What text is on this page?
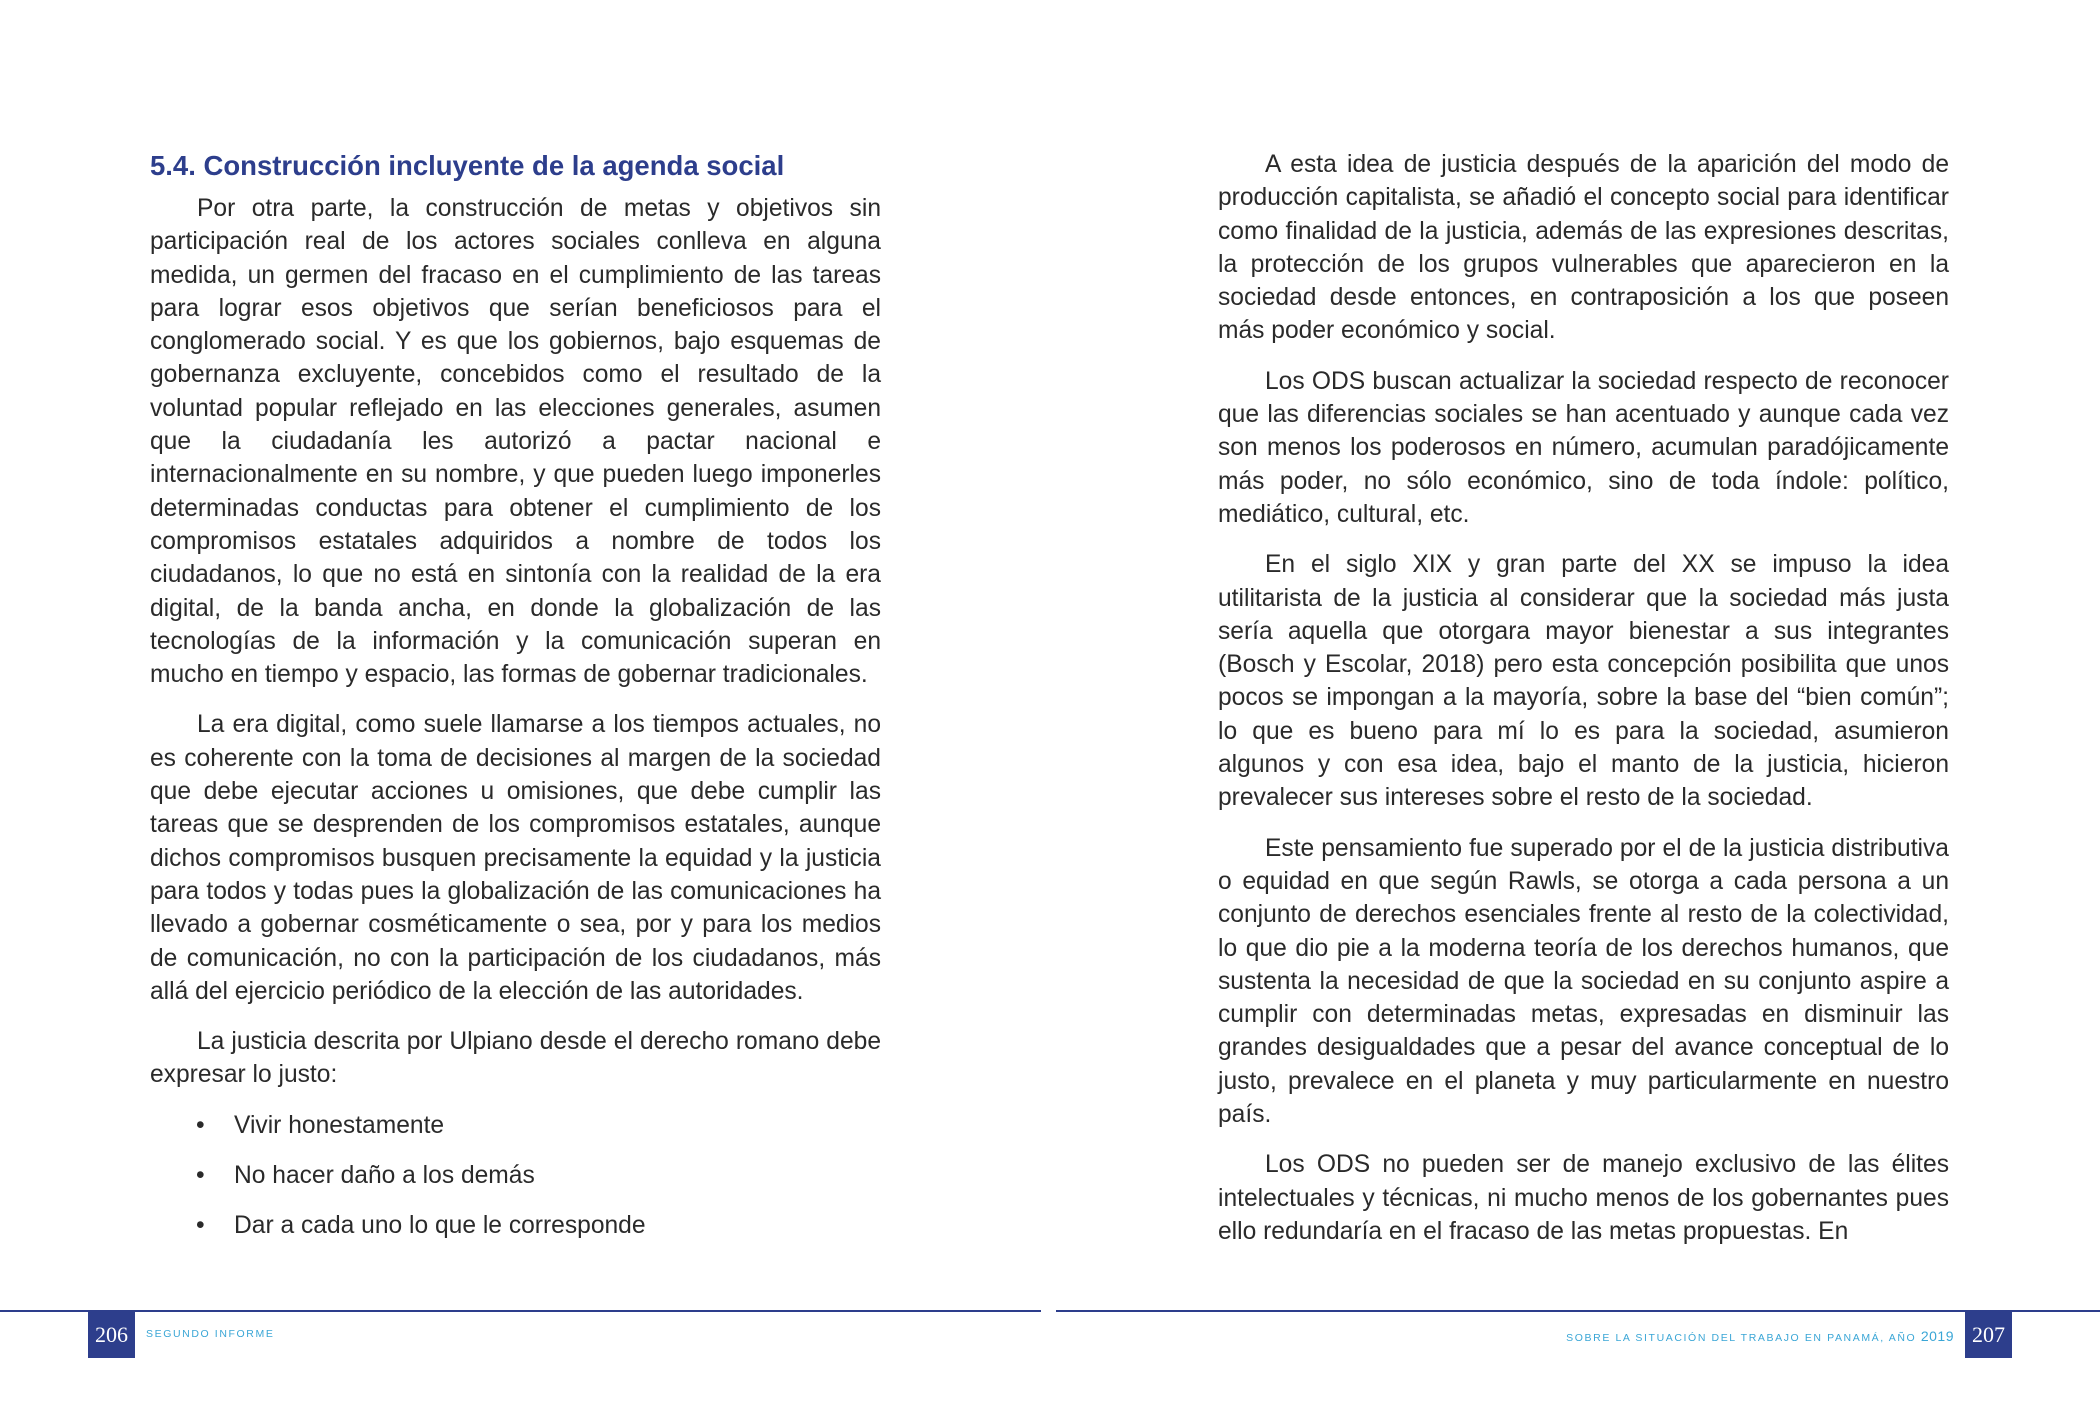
5.4. Construcción incluyente de la agenda social

Por otra parte, la construcción de metas y objetivos sin participación real de los actores sociales conlleva en alguna medida, un germen del fracaso en el cumplimiento de las tareas para lograr esos objetivos que serían beneficiosos para el conglomerado social. Y es que los gobiernos, bajo esquemas de gobernanza excluyente, concebidos como el resultado de la voluntad popular reflejado en las elecciones generales, asumen que la ciudadanía les autorizó a pactar nacional e internacionalmente en su nombre, y que pueden luego imponerles determinadas conductas para obtener el cumplimiento de los compromisos estatales adquiridos a nombre de todos los ciudadanos, lo que no está en sintonía con la realidad de la era digital, de la banda ancha, en donde la globalización de las tecnologías de la información y la comunicación superan en mucho en tiempo y espacio, las formas de gobernar tradicionales.

La era digital, como suele llamarse a los tiempos actuales, no es coherente con la toma de decisiones al margen de la sociedad que debe ejecutar acciones u omisiones, que debe cumplir las tareas que se desprenden de los compromisos estatales, aunque dichos compromisos busquen precisamente la equidad y la justicia para todos y todas pues la globalización de las comunicaciones ha llevado a gobernar cosméticamente o sea, por y para los medios de comunicación, no con la participación de los ciudadanos, más allá del ejercicio periódico de la elección de las autoridades.

La justicia descrita por Ulpiano desde el derecho romano debe expresar lo justo:

• Vivir honestamente
• No hacer daño a los demás
• Dar a cada uno lo que le corresponde

A esta idea de justicia después de la aparición del modo de producción capitalista, se añadió el concepto social para identificar como finalidad de la justicia, además de las expresiones descritas, la protección de los grupos vulnerables que aparecieron en la sociedad desde entonces, en contraposición a los que poseen más poder económico y social.

Los ODS buscan actualizar la sociedad respecto de reconocer que las diferencias sociales se han acentuado y aunque cada vez son menos los poderosos en número, acumulan paradójicamente más poder, no sólo económico, sino de toda índole: político, mediático, cultural, etc.

En el siglo XIX y gran parte del XX se impuso la idea utilitarista de la justicia al considerar que la sociedad más justa sería aquella que otorgara mayor bienestar a sus integrantes (Bosch y Escolar, 2018) pero esta concepción posibilita que unos pocos se impongan a la mayoría, sobre la base del “bien común”; lo que es bueno para mí lo es para la sociedad, asumieron algunos y con esa idea, bajo el manto de la justicia, hicieron prevalecer sus intereses sobre el resto de la sociedad.

Este pensamiento fue superado por el de la justicia distributiva o equidad en que según Rawls, se otorga a cada persona a un conjunto de derechos esenciales frente al resto de la colectividad, lo que dio pie a la moderna teoría de los derechos humanos, que sustenta la necesidad de que la sociedad en su conjunto aspire a cumplir con determinadas metas, expresadas en disminuir las grandes desigualdades que a pesar del avance conceptual de lo justo, prevalece en el planeta y muy particularmente en nuestro país.

Los ODS no pueden ser de manejo exclusivo de las élites intelectuales y técnicas, ni mucho menos de los gobernantes pues ello redundaría en el fracaso de las metas propuestas. En

206	SEGUNDO INFORME	SOBRE LA SITUACIÓN DEL TRABAJO EN PANAMÁ, AÑO 2019 207
